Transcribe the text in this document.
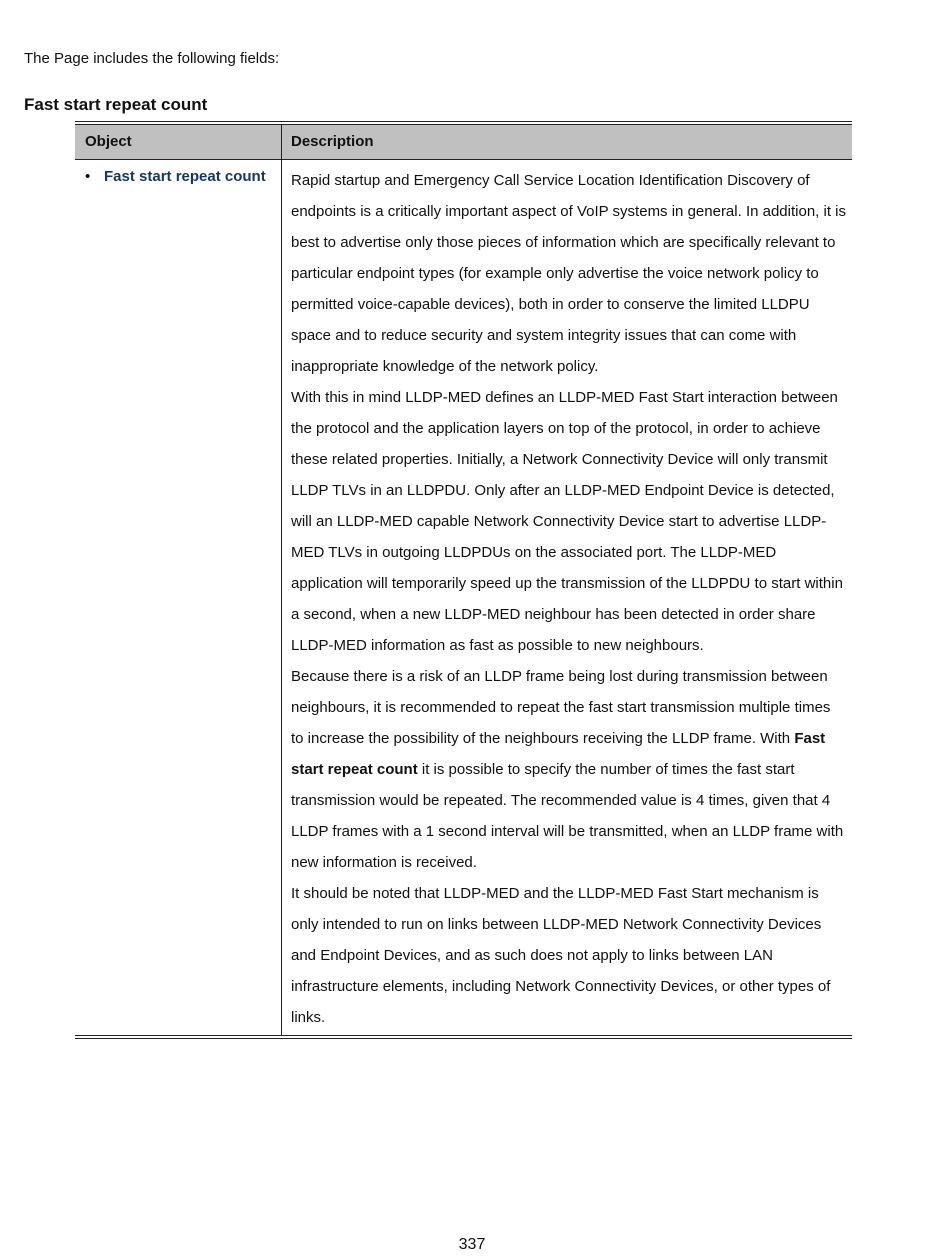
The Page includes the following fields:

Fast start repeat count
Object	Description
• Fast start repeat count Rapid startup and Emergency Call Service Location Identification Discovery of endpoints is a critically important aspect of VoIP systems in general. In addition, it is best to advertise only those pieces of information which are specifically relevant to particular endpoint types (for example only advertise the voice network policy to permitted voice-capable devices), both in order to conserve the limited LLDPU space and to reduce security and system integrity issues that can come with inappropriate knowledge of the network policy.

With this in mind LLDP-MED defines an LLDP-MED Fast Start interaction between the protocol and the application layers on top of the protocol, in order to achieve these related properties. Initially, a Network Connectivity Device will only transmit LLDP TLVs in an LLDPDU. Only after an LLDP-MED Endpoint Device is detected, will an LLDP-MED capable Network Connectivity Device start to advertise LLDP-MED TLVs in outgoing LLDPDUs on the associated port. The LLDP-MED application will temporarily speed up the transmission of the LLDPDU to start within a second, when a new LLDP-MED neighbour has been detected in order share LLDP-MED information as fast as possible to new neighbours.

Because there is a risk of an LLDP frame being lost during transmission between neighbours, it is recommended to repeat the fast start transmission multiple times to increase the possibility of the neighbours receiving the LLDP frame. With Fast start repeat count it is possible to specify the number of times the fast start transmission would be repeated. The recommended value is 4 times, given that 4 LLDP frames with a 1 second interval will be transmitted, when an LLDP frame with new information is received.

It should be noted that LLDP-MED and the LLDP-MED Fast Start mechanism is only intended to run on links between LLDP-MED Network Connectivity Devices and Endpoint Devices, and as such does not apply to links between LAN infrastructure elements, including Network Connectivity Devices, or other types of links.

337
